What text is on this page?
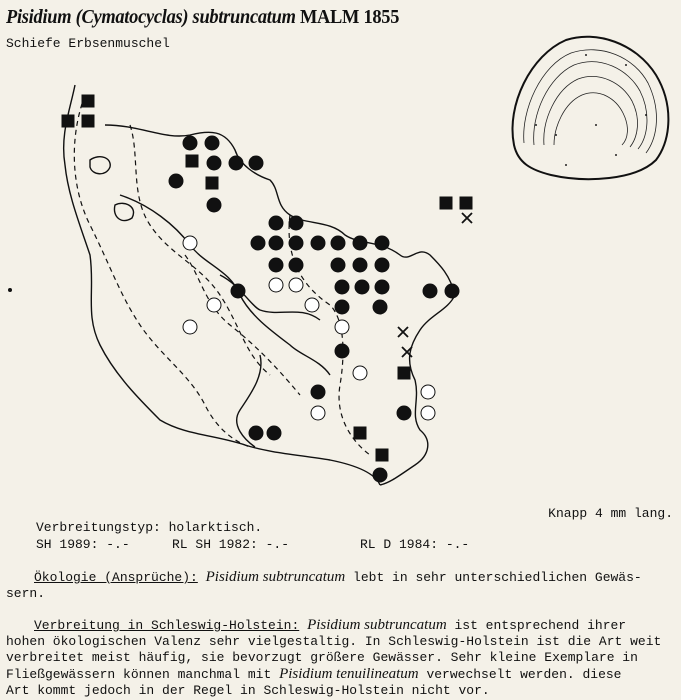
Pisidium (Cymatocyclas) subtruncatum MALM 1855
Schiefe Erbsenmuschel
Knapp 4 mm lang.
Verbreitungstyp: holarktisch.
SH 1989: -.-	RL SH 1982: -.-	RL D 1984: -.-
Ökologie (Ansprüche): Pisidium subtruncatum lebt in sehr unterschiedlichen Gewäs-
sern.
Verbreitung in Schleswig-Holstein: Pisidium subtruncatum ist entsprechend ihrer
hohen ökologischen Valenz sehr vielgestaltig. In Schleswig-Holstein ist die Art weit
verbreitet meist häufig, sie bevorzugt größere Gewässer. Sehr kleine Exemplare in
Fließgewässern können manchmal mit Pisidium tenuilineatum verwechselt werden. diese
Art kommt jedoch in der Regel in Schleswig-Holstein nicht vor.
